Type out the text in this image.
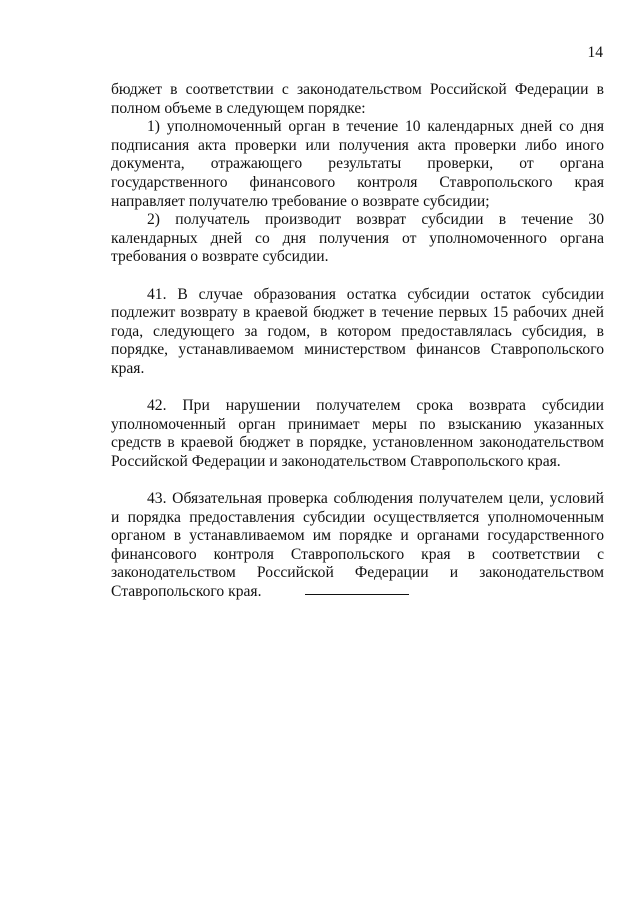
14

бюджет в соответствии с законодательством Российской Федерации в полном объеме в следующем порядке:

1) уполномоченный орган в течение 10 календарных дней со дня подписания акта проверки или получения акта проверки либо иного документа, отражающего результаты проверки, от органа государственного финансового контроля Ставропольского края направляет получателю требование о возврате субсидии;

2) получатель производит возврат субсидии в течение 30 календарных дней со дня получения от уполномоченного органа требования о возврате субсидии.

41. В случае образования остатка субсидии остаток субсидии подлежит возврату в краевой бюджет в течение первых 15 рабочих дней года, следующего за годом, в котором предоставлялась субсидия, в порядке, устанавливаемом министерством финансов Ставропольского края.

42. При нарушении получателем срока возврата субсидии уполномоченный орган принимает меры по взысканию указанных средств в краевой бюджет в порядке, установленном законодательством Российской Федерации и законодательством Ставропольского края.

43. Обязательная проверка соблюдения получателем цели, условий и порядка предоставления субсидии осуществляется уполномоченным органом в устанавливаемом им порядке и органами государственного финансового контроля Ставропольского края в соответствии с законодательством Российской Федерации и законодательством Ставропольского края.
